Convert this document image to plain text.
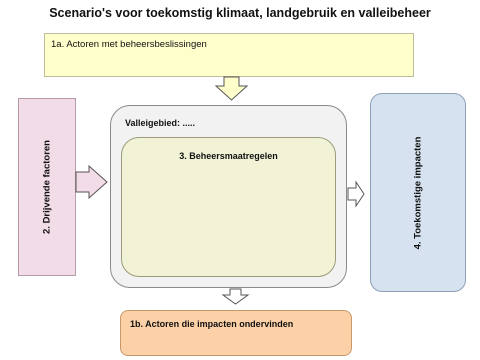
Scenario's voor toekomstig klimaat, landgebruik en valleibeheer
1a. Actoren met beheersbeslissingen
2. Drijvende factoren
Valleigebied: .....
3. Beheersmaatregelen	4. Toekomstige impacten
1b. Actoren die impacten ondervinden
